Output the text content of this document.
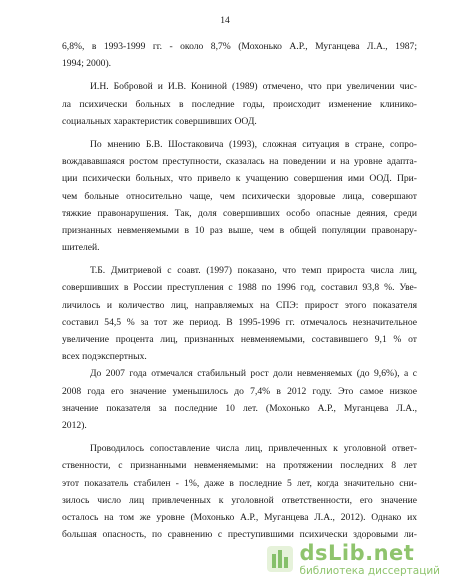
14
6,8%, в 1993-1999 гг. - около 8,7% (Мохонько А.Р., Муганцева Л.А., 1987;
1994; 2000).
И.Н. Бобровой и И.В. Кониной (1989) отмечено, что при увеличении чис-
ла психически больных в последние годы, происходит изменение клинико-
социальных характеристик совершивших ООД.
По мнению Б.В. Шостаковича (1993), сложная ситуация в стране, сопро-
вождававшаяся ростом преступности, сказалась на поведении и на уровне адапта-
ции психически больных, что привело к учащению совершения ими ООД. При-
чем больные относительно чаще, чем психически здоровые лица, совершают
тяжкие правонарушения. Так, доля совершивших особо опасные деяния, среди
признанных невменяемыми в 10 раз выше, чем в общей популяции правонару-
шителей.
Т.Б. Дмитриевой с соавт. (1997) показано, что темп прироста числа лиц,
совершивших в России преступления с 1988 по 1996 год, составил 93,8 %. Уве-
личилось и количество лиц, направляемых на СПЭ: прирост этого показателя
составил 54,5 % за тот же период. В 1995-1996 гг. отмечалось незначительное
увеличение процента лиц, признанных невменяемыми, составившего 9,1 % от
всех подэкспертных.
До 2007 года отмечался стабильный рост доли невменяемых (до 9,6%), а с
2008 года его значение уменьшилось до 7,4% в 2012 году. Это самое низкое
значение показателя за последние 10 лет. (Мохонько А.Р., Муганцева Л.А.,
2012).
Проводилось сопоставление числа лиц, привлеченных к уголовной ответ-
ственности, с признанными невменяемыми: на протяжении последних 8 лет
этот показатель стабилен - 1%, даже в последние 5 лет, когда значительно сни-
зилось число лиц привлеченных к уголовной ответственности, его значение
осталось на том же уровне (Мохонько А.Р., Муганцева Л.А., 2012). Однако их
большая опасность, по сравнению с преступившими психически здоровыми ли-
dsLib.net
библиотека диссертаций
